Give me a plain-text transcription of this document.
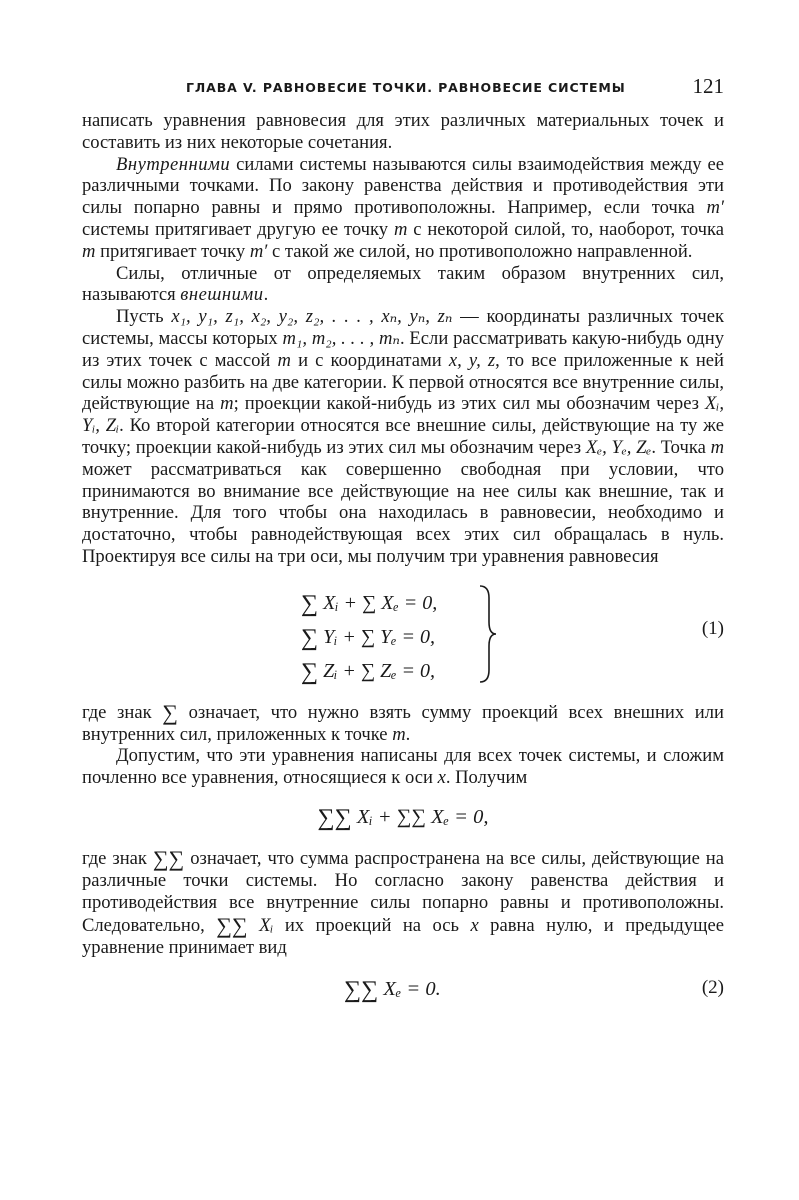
ГЛАВА V. РАВНОВЕСИЕ ТОЧКИ. РАВНОВЕСИЕ СИСТЕМЫ	121

написать уравнения равновесия для этих различных материальных точек и составить из них некоторые сочетания.

Внутренними силами системы называются силы взаимодействия между ее различными точками. По закону равенства действия и противодействия эти силы попарно равны и прямо противоположны. Например, если точка m′ системы притягивает другую ее точку m с некоторой силой, то, наоборот, точка m притягивает точку m′ с такой же силой, но противоположно направленной.

Силы, отличные от определяемых таким образом внутренних сил, называются внешними.

Пусть x₁, y₁, z₁, x₂, y₂, z₂, . . . , xₙ, yₙ, zₙ — координаты различных точек системы, массы которых m₁, m₂, . . . , mₙ. Если рассматривать какую-нибудь одну из этих точек с массой m и с координатами x, y, z, то все приложенные к ней силы можно разбить на две категории. К первой относятся все внутренние силы, действующие на m; проекции какой-нибудь из этих сил мы обозначим через Xᵢ, Yᵢ, Zᵢ. Ко второй категории относятся все внешние силы, действующие на ту же точку; проекции какой-нибудь из этих сил мы обозначим через Xₑ, Yₑ, Zₑ. Точка m может рассматриваться как совершенно свободная при условии, что принимаются во внимание все действующие на нее силы как внешние, так и внутренние. Для того чтобы она находилась в равновесии, необходимо и достаточно, чтобы равнодействующая всех этих сил обращалась в нуль. Проектируя все силы на три оси, мы получим три уравнения равновесия

∑ Xᵢ + ∑ Xₑ = 0,
∑ Yᵢ + ∑ Yₑ = 0,
∑ Zᵢ + ∑ Zₑ = 0,
(1)

где знак ∑ означает, что нужно взять сумму проекций всех внешних или внутренних сил, приложенных к точке m.

Допустим, что эти уравнения написаны для всех точек системы, и сложим почленно все уравнения, относящиеся к оси x. Получим

∑∑ Xᵢ + ∑∑ Xₑ = 0,

где знак ∑∑ означает, что сумма распространена на все силы, действующие на различные точки системы. Но согласно закону равенства действия и противодействия все внутренние силы попарно равны и противоположны. Следовательно, ∑∑ Xᵢ их проекций на ось x равна нулю, и предыдущее уравнение принимает вид

∑∑ Xₑ = 0.	(2)
